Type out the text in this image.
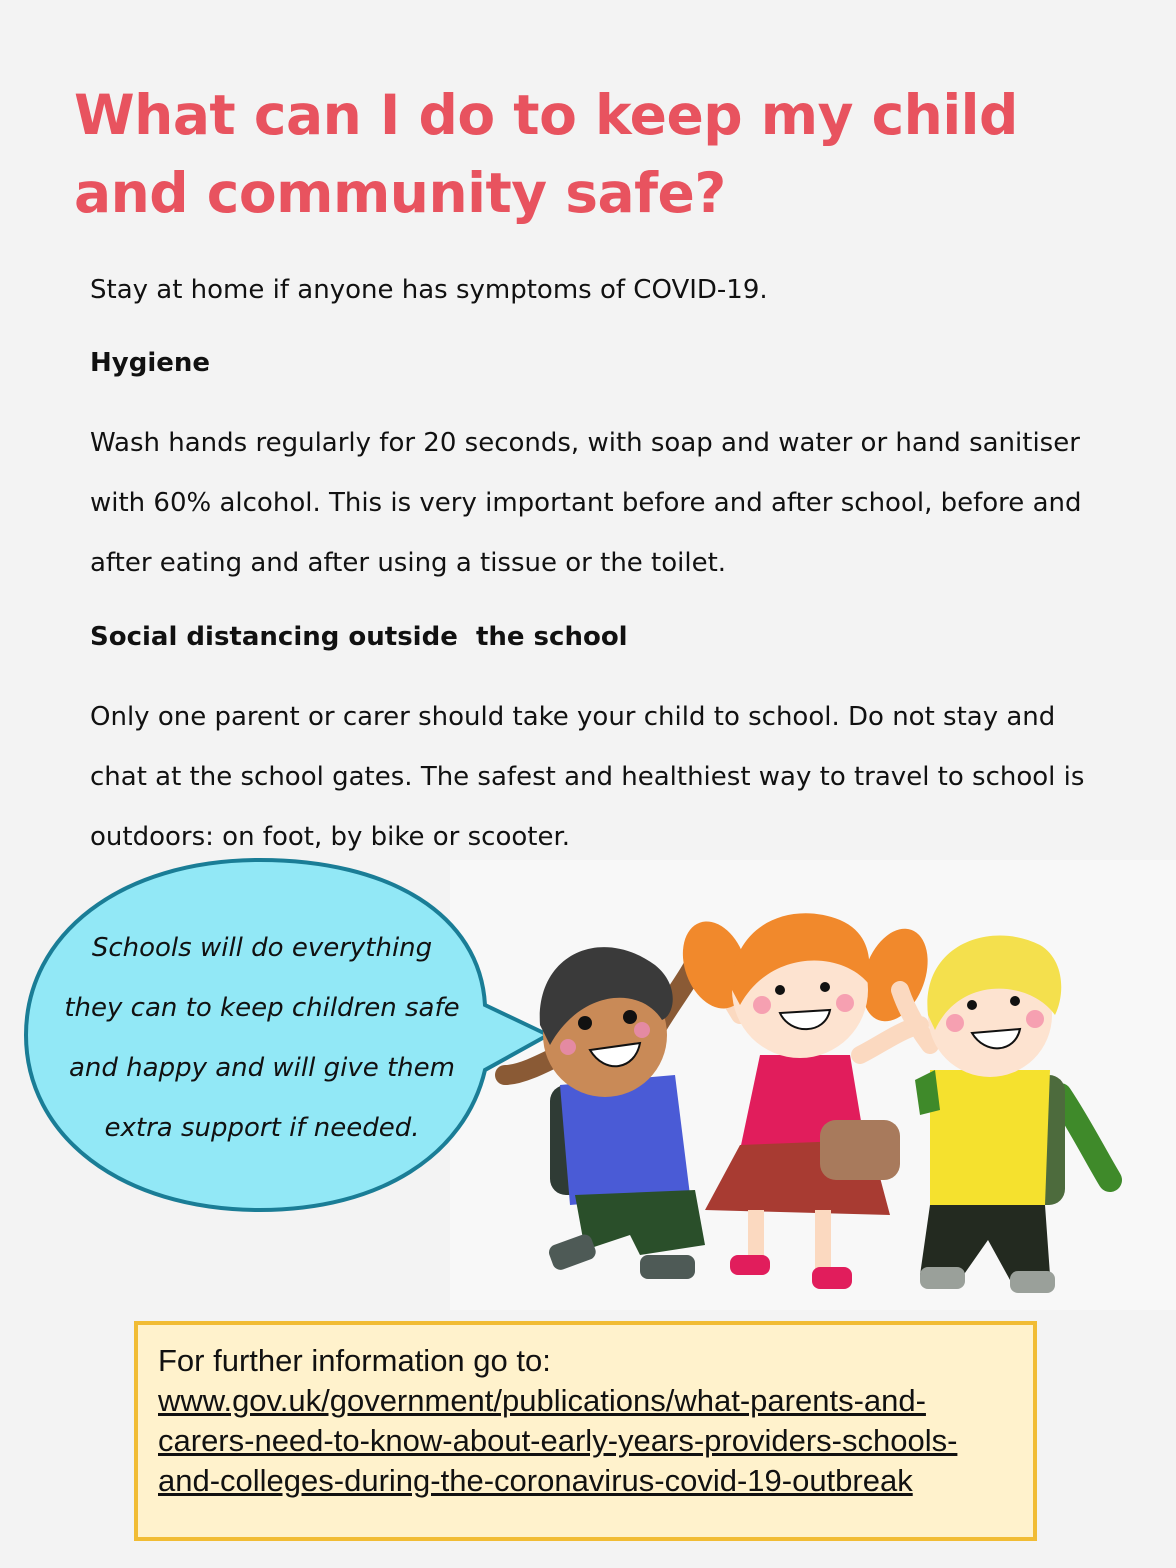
What can I do to keep my child and community safe?

Stay at home if anyone has symptoms of COVID-19.

Hygiene

Wash hands regularly for 20 seconds, with soap and water or hand sanitiser with 60% alcohol. This is very important before and after school, before and after eating and after using a tissue or the toilet.

Social distancing outside  the school

Only one parent or carer should take your child to school. Do not stay and chat at the school gates. The safest and healthiest way to travel to school is outdoors: on foot, by bike or scooter.

Schools will do everything
they can to keep children safe
and happy and will give them
extra support if needed.

For further information go to:

www.gov.uk/government/publications/what-parents-and-
carers-need-to-know-about-early-years-providers-schools-
and-colleges-during-the-coronavirus-covid-19-outbreak
